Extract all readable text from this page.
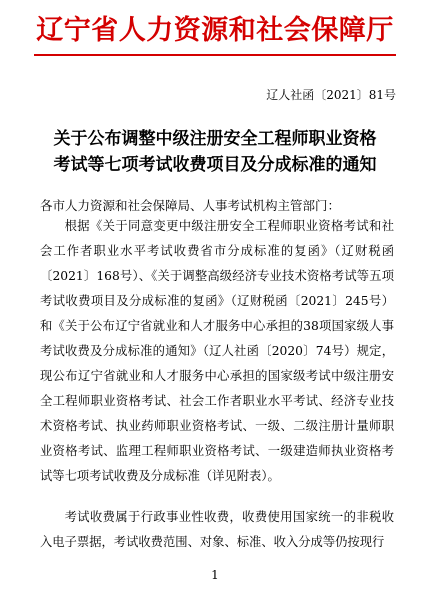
辽宁省人力资源和社会保障厅
辽人社函〔2021〕81号
关于公布调整中级注册安全工程师职业资格
考试等七项考试收费项目及分成标准的通知
各市人力资源和社会保障局、人事考试机构主管部门：
根据《关于同意变更中级注册安全工程师职业资格考试和社会工作者职业水平考试收费省市分成标准的复函》（辽财税函〔2021〕168号）、《关于调整高级经济专业技术资格考试等五项考试收费项目及分成标准的复函》（辽财税函〔2021〕245号）和《关于公布辽宁省就业和人才服务中心承担的38项国家级人事考试收费及分成标准的通知》（辽人社函〔2020〕74号）规定，现公布辽宁省就业和人才服务中心承担的国家级考试中级注册安全工程师职业资格考试、社会工作者职业水平考试、经济专业技术资格考试、执业药师职业资格考试、一级、二级注册计量师职业资格考试、监理工程师职业资格考试、一级建造师执业资格考试等七项考试收费及分成标准（详见附表）。
考试收费属于行政事业性收费，收费使用国家统一的非税收入电子票据，考试收费范围、对象、标准、收入分成等仍按现行
1
